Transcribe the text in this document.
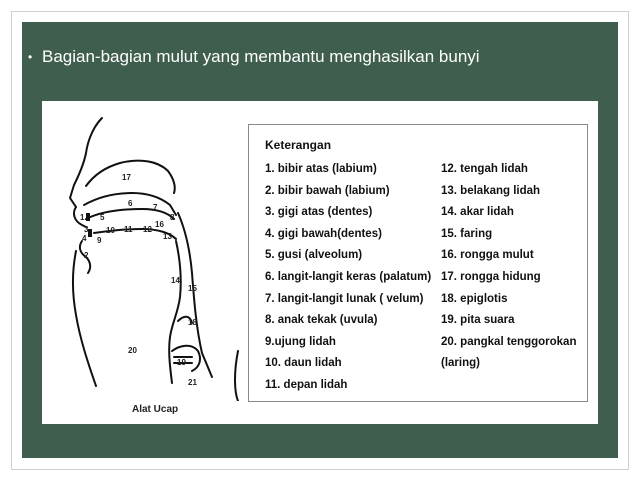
• Bagian-bagian mulut yang membantu menghasilkan bunyi
17
6	7
8
1 5
16
3 10 11 12
13
4 9
2
14
15
18
20
19
21
Alat Ucap
Keterangan
1. bibir atas (labium)
2. bibir bawah (labium)
3. gigi atas (dentes)
4. gigi bawah(dentes)
5. gusi (alveolum)
6. langit-langit keras (palatum)
7. langit-langit lunak ( velum)
8. anak tekak (uvula)
9.ujung lidah
10. daun lidah
11. depan lidah
12. tengah lidah
13. belakang lidah
14. akar lidah
15. faring
16. rongga mulut
17. rongga hidung
18. epiglotis
19. pita suara
20. pangkal tenggorokan (laring)
